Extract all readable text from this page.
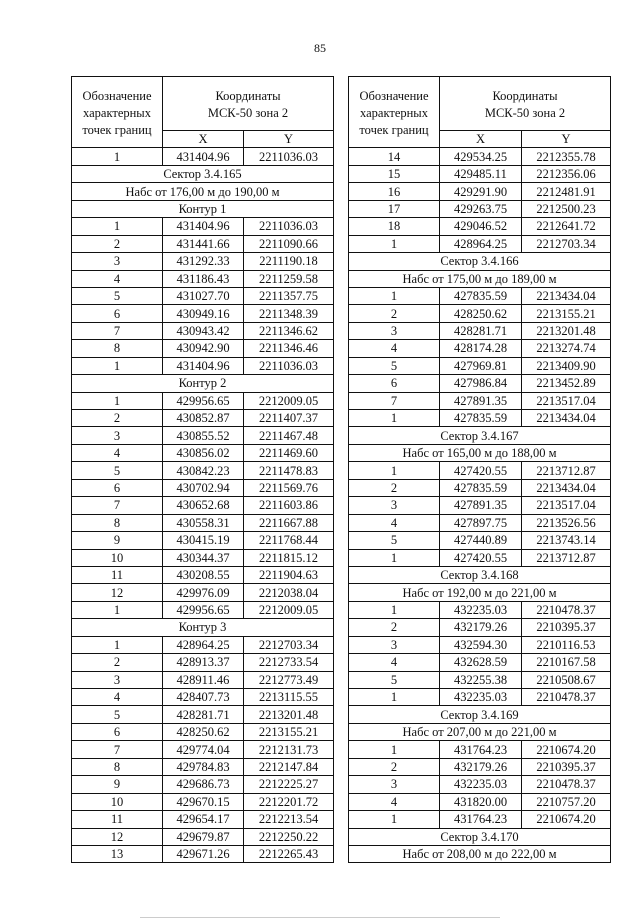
85
Обозначение
характерных
точек границ	Координаты
МСК-50 зона 2	
	X	Y
1	431404.96	2211036.03
Сектор 3.4.165		
Набс от 176,00 м до 190,00 м		
Контур 1		
1	431404.96	2211036.03
2	431441.66	2211090.66
3	431292.33	2211190.18
4	431186.43	2211259.58
5	431027.70	2211357.75
6	430949.16	2211348.39
7	430943.42	2211346.62
8	430942.90	2211346.46
1	431404.96	2211036.03
Контур 2		
1	429956.65	2212009.05
2	430852.87	2211407.37
3	430855.52	2211467.48
4	430856.02	2211469.60
5	430842.23	2211478.83
6	430702.94	2211569.76
7	430652.68	2211603.86
8	430558.31	2211667.88
9	430415.19	2211768.44
10	430344.37	2211815.12
11	430208.55	2211904.63
12	429976.09	2212038.04
1	429956.65	2212009.05
Контур 3		
1	428964.25	2212703.34
2	428913.37	2212733.54
3	428911.46	2212773.49
4	428407.73	2213115.55
5	428281.71	2213201.48
6	428250.62	2213155.21
7	429774.04	2212131.73
8	429784.83	2212147.84
9	429686.73	2212225.27
10	429670.15	2212201.72
11	429654.17	2212213.54
12	429679.87	2212250.22
13	429671.26	2212265.43
Обозначение
характерных
точек границ	Координаты
МСК-50 зона 2	
	X	Y
14	429534.25	2212355.78
15	429485.11	2212356.06
16	429291.90	2212481.91
17	429263.75	2212500.23
18	429046.52	2212641.72
1	428964.25	2212703.34
Сектор 3.4.166		
Набс от 175,00 м до 189,00 м		
1	427835.59	2213434.04
2	428250.62	2213155.21
3	428281.71	2213201.48
4	428174.28	2213274.74
5	427969.81	2213409.90
6	427986.84	2213452.89
7	427891.35	2213517.04
1	427835.59	2213434.04
Сектор 3.4.167		
Набс от 165,00 м до 188,00 м		
1	427420.55	2213712.87
2	427835.59	2213434.04
3	427891.35	2213517.04
4	427897.75	2213526.56
5	427440.89	2213743.14
1	427420.55	2213712.87
Сектор 3.4.168		
Набс от 192,00 м до 221,00 м		
1	432235.03	2210478.37
2	432179.26	2210395.37
3	432594.30	2210116.53
4	432628.59	2210167.58
5	432255.38	2210508.67
1	432235.03	2210478.37
Сектор 3.4.169		
Набс от 207,00 м до 221,00 м		
1	431764.23	2210674.20
2	432179.26	2210395.37
3	432235.03	2210478.37
4	431820.00	2210757.20
1	431764.23	2210674.20
Сектор 3.4.170		
Набс от 208,00 м до 222,00 м		
